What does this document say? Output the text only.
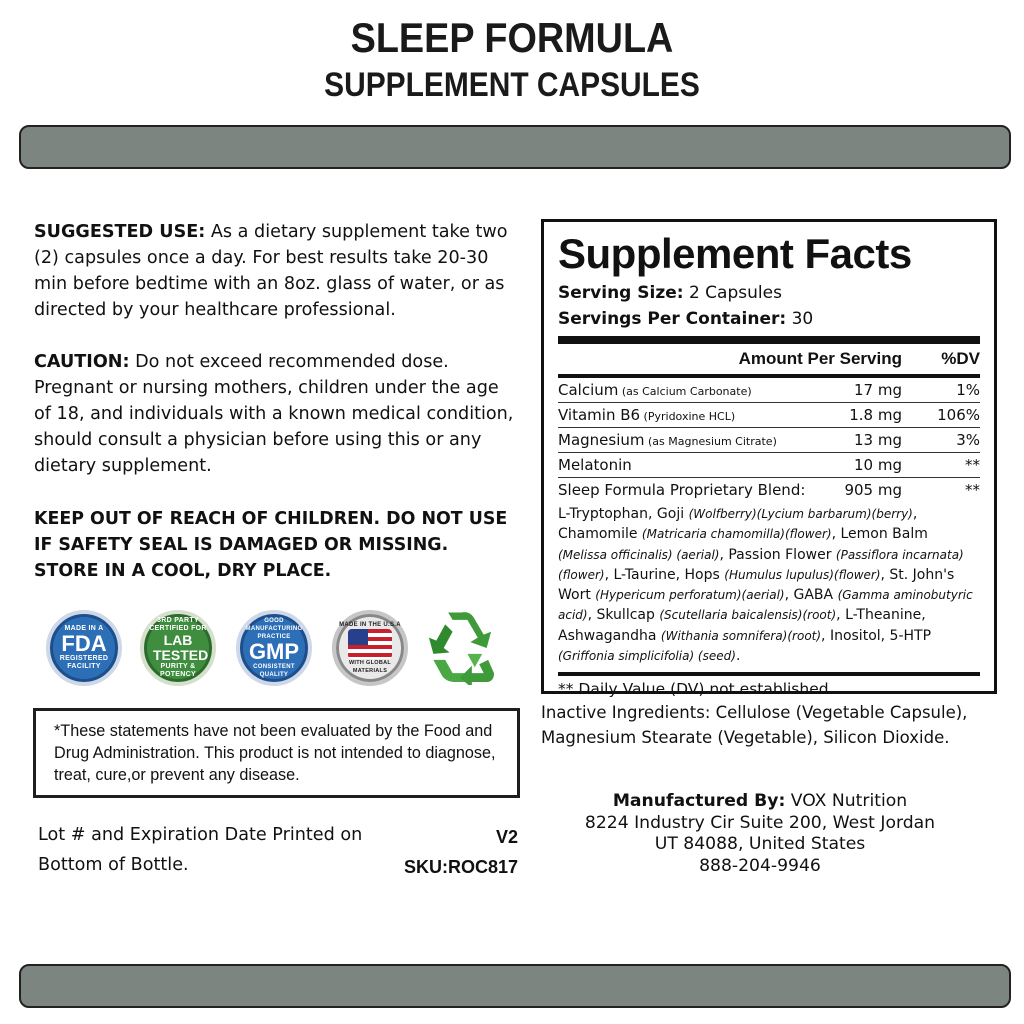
SLEEP FORMULA
SUPPLEMENT CAPSULES
SUGGESTED USE: As a dietary supplement take two (2) capsules once a day. For best results take 20-30 min before bedtime with an 8oz. glass of water, or as directed by your healthcare professional.
CAUTION: Do not exceed recommended dose. Pregnant or nursing mothers, children under the age of 18, and individuals with a known medical condition, should consult a physician before using this or any dietary supplement.
KEEP OUT OF REACH OF CHILDREN. DO NOT USE IF SAFETY SEAL IS DAMAGED OR MISSING. STORE IN A COOL, DRY PLACE.
MADE IN A
FDA
REGISTERED FACILITY
3RD PARTY CERTIFIED FOR
LAB TESTED
PURITY & POTENCY
GOOD MANUFACTURING PRACTICE
GMP
CONSISTENT QUALITY
MADE IN THE U.S.A
WITH GLOBAL MATERIALS
*These statements have not been evaluated by the Food and Drug Administration. This product is not intended to diagnose, treat, cure,or prevent any disease.
Lot # and Expiration Date Printed on
Bottom of Bottle.
V2
SKU:ROC817
Supplement Facts
Serving Size: 2 Capsules
Servings Per Container: 30
Amount Per Serving	%DV
Calcium (as Calcium Carbonate)	17 mg	1%
Vitamin B6 (Pyridoxine HCL)	1.8 mg	106%
Magnesium (as Magnesium Citrate)	13 mg	3%
Melatonin	10 mg	**
Sleep Formula Proprietary Blend:	905 mg	**
L-Tryptophan, Goji (Wolfberry)(Lycium barbarum)(berry), Chamomile (Matricaria chamomilla)(flower), Lemon Balm (Melissa officinalis) (aerial), Passion Flower (Passiflora incarnata)(flower), L-Taurine, Hops (Humulus lupulus)(flower), St. John's Wort (Hypericum perforatum)(aerial), GABA (Gamma aminobutyric acid), Skullcap (Scutellaria baicalensis)(root), L-Theanine, Ashwagandha (Withania somnifera)(root), Inositol, 5-HTP (Griffonia simplicifolia) (seed).
** Daily Value (DV) not established
Inactive Ingredients: Cellulose (Vegetable Capsule), Magnesium Stearate (Vegetable), Silicon Dioxide.
Manufactured By: VOX Nutrition
8224 Industry Cir Suite 200, West Jordan
UT 84088, United States
888-204-9946
